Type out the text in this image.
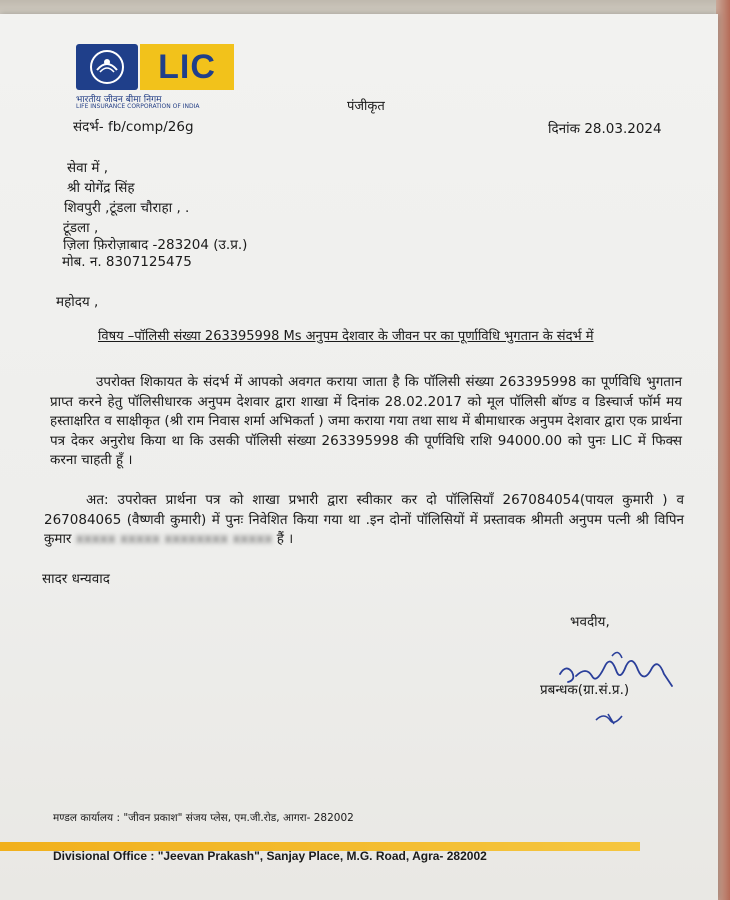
LIC
भारतीय जीवन बीमा निगम
LIFE INSURANCE CORPORATION OF INDIA	पंजीकृत
संदर्भ- fb/comp/26g	दिनांक 28.03.2024
सेवा में ,
श्री योगेंद्र सिंह
शिवपुरी ,टूंडला चौराहा , .
टूंडला ,
ज़िला फ़िरोज़ाबाद -283204 (उ.प्र.)
मोब. न. 8307125475
महोदय ,
विषय –पॉलिसी संख्या 263395998 Ms अनुपम देशवार के जीवन पर का पूर्णाविधि भुगतान के संदर्भ में
उपरोक्त शिकायत के संदर्भ में आपको अवगत कराया जाता है कि पॉलिसी संख्या 263395998 का पूर्णविधि भुगतान प्राप्त करने हेतु पॉलिसीधारक अनुपम देशवार द्वारा शाखा में दिनांक 28.02.2017 को मूल पॉलिसी बॉण्ड व डिस्चार्ज फॉर्म मय हस्ताक्षरित व साक्षीकृत (श्री राम निवास शर्मा अभिकर्ता ) जमा कराया गया तथा साथ में बीमाधारक अनुपम देशवार द्वारा एक प्रार्थना पत्र देकर अनुरोध किया था कि उसकी पॉलिसी संख्या 263395998 की पूर्णविधि राशि 94000.00 को पुनः LIC में फिक्स करना चाहती हूँ ।
अत: उपरोक्त प्रार्थना पत्र को शाखा प्रभारी द्वारा स्वीकार कर दो पॉलिसियाँ 267084054(पायल कुमारी ) व 267084065 (वैष्णवी कुमारी) में पुनः निवेशित किया गया था .इन दोनों पॉलिसियों में प्रस्तावक श्रीमती अनुपम पत्नी श्री विपिन कुमार xxxxx xxxxx xxxxxxxx xxxxx हैं ।
सादर धन्यवाद
भवदीय,
प्रबन्धक(ग्रा.सं.प्र.)
मण्डल कार्यालय : "जीवन प्रकाश" संजय प्लेस, एम.जी.रोड, आगरा- 282002
Divisional Office : "Jeevan Prakash", Sanjay Place, M.G. Road, Agra- 282002
